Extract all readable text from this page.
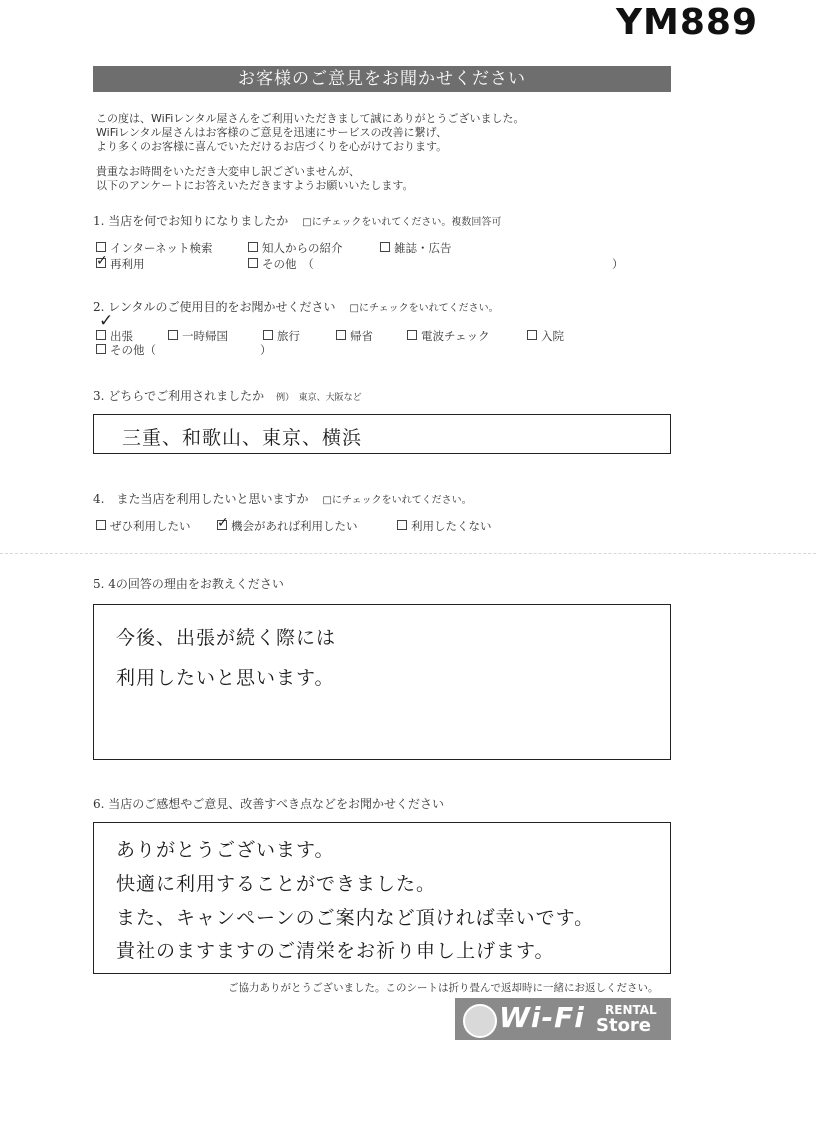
YM889
お客様のご意見をお聞かせください

この度は、WiFiレンタル屋さんをご利用いただきまして誠にありがとうございました。

WiFiレンタル屋さんはお客様のご意見を迅速にサービスの改善に繋げ、

より多くのお客様に喜んでいただけるお店づくりを心がけております。

貴重なお時間をいただき大変申し訳ございませんが、

以下のアンケートにお答えいただきますようお願いいたします。

1. 当店を何でお知りになりましたか □にチェックをいれてください。複数回答可
インターネット検索	知人からの紹介	雑誌・広告
✓ 再利用	その他　（	）
2. レンタルのご使用目的をお聞かせください □にチェックをいれてください。
✓
出張	一時帰国	旅行	帰省	電波チェック	入院
その他（	）
3. どちらでご利用されましたか　 例）　東京、大阪など
三重、和歌山、東京、横浜
4.　また当店を利用したいと思いますか □にチェックをいれてください。
ぜひ利用したい ✓ 機会があれば利用したい	利用したくない
5. 4の回答の理由をお教えください
今後、出張が続く際には
利用したいと思います。
6. 当店のご感想やご意見、改善すべき点などをお聞かせください
ありがとうございます。
快適に利用することができました。
また、キャンペーンのご案内など頂ければ幸いです。
貴社のますますのご清栄をお祈り申し上げます。
ご協力ありがとうございました。このシートは折り畳んで返却時に一緒にお返しください。
Wi-Fi RENTAL
Store
